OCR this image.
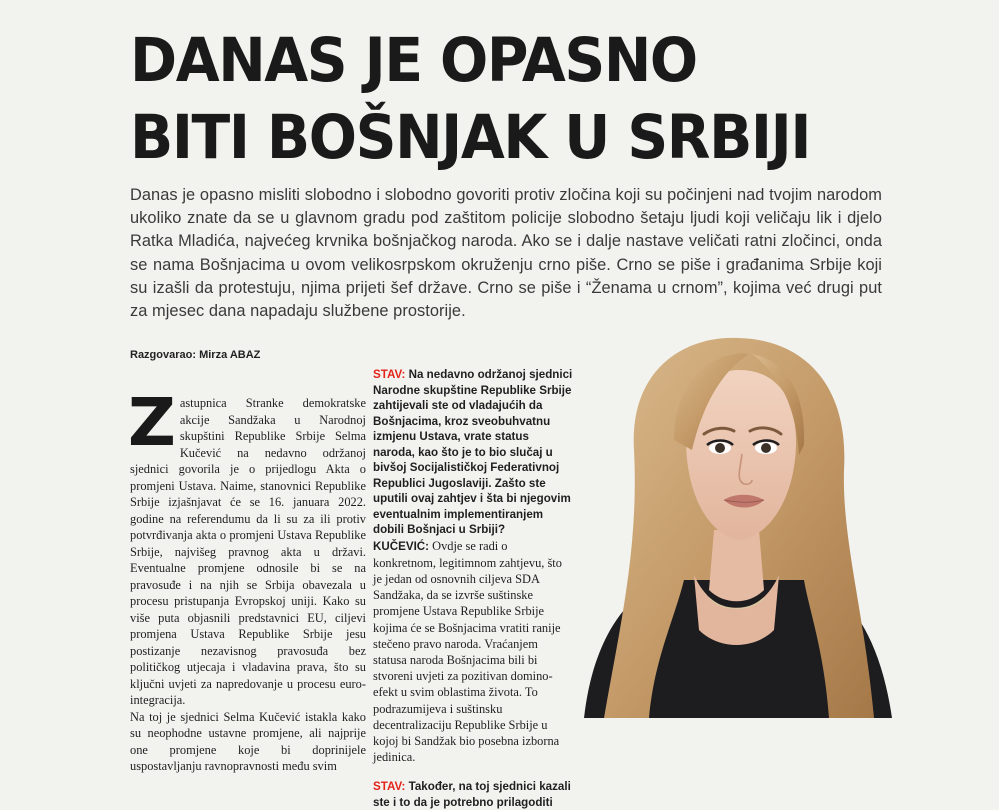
DANAS JE OPASNO
BITI BOŠNJAK U SRBIJI

Danas je opasno misliti slobodno i slobodno govoriti protiv zločina koji su počinjeni nad tvojim narodom ukoliko znate da se u glavnom gradu pod zaštitom policije slobodno šetaju ljudi koji veličaju lik i djelo Ratka Mladića, najvećeg krvnika bošnjačkog naroda. Ako se i dalje nastave veličati ratni zločinci, onda se nama Bošnjacima u ovom velikosrpskom okruženju crno piše. Crno se piše i građanima Srbije koji su izašli da protestuju, njima prijeti šef države. Crno se piše i “Ženama u crnom”, kojima već drugi put za mjesec dana napadaju službene prostorije.

Razgovarao: Mirza ABAZ

Zastupnica Stranke demokratske akcije Sandžaka u Narodnoj skupštini Republike Srbije Selma Kučević na nedavno održanoj sjednici govorila je o prijedlogu Akta o promjeni Ustava. Naime, stanovnici Republike Srbije izjašnjavat će se 16. januara 2022. godine na referendumu da li su za ili protiv potvrđivanja akta o promjeni Ustava Republike Srbije, najvišeg pravnog akta u državi. Eventualne promjene odnosile bi se na pravosuđe i na njih se Srbija obavezala u procesu pristupanja Evropskoj uniji. Kako su više puta objasnili predstavnici EU, ciljevi promjena Ustava Republike Srbije jesu postizanje nezavisnog pravosuđa bez političkog utjecaja i vladavina prava, što su ključni uvjeti za napredovanje u procesu eurointegracija.

Na toj je sjednici Selma Kučević istakla kako su neophodne ustavne promjene, ali najprije one promjene koje bi doprinijele uspostavljanju ravnopravnosti među svim

STAV: Na nedavno održanoj sjednici Narodne skupštine Republike Srbije zahtijevali ste od vladajućih da Bošnjacima, kroz sveobuhvatnu izmjenu Ustava, vrate status naroda, kao što je to bio slučaj u bivšoj Socijalističkoj Federativnoj Republici Jugoslaviji. Zašto ste uputili ovaj zahtjev i šta bi njegovim eventualnim implementiranjem dobili Bošnjaci u Srbiji?

KUČEVIĆ: Ovdje se radi o konkretnom, legitimnom zahtjevu, što je jedan od osnovnih ciljeva SDA Sandžaka, da se izvrše suštinske promjene Ustava Republike Srbije kojima će se Bošnjacima vratiti ranije stečeno pravo naroda. Vraćanjem statusa naroda Bošnjacima bili bi stvoreni uvjeti za pozitivan domino-efekt u svim oblastima života. To podrazumijeva i suštinsku decentralizaciju Republike Srbije u kojoj bi Sandžak bio posebna izborna jedinica.

STAV: Također, na toj sjednici kazali ste i to da je potrebno prilagoditi
